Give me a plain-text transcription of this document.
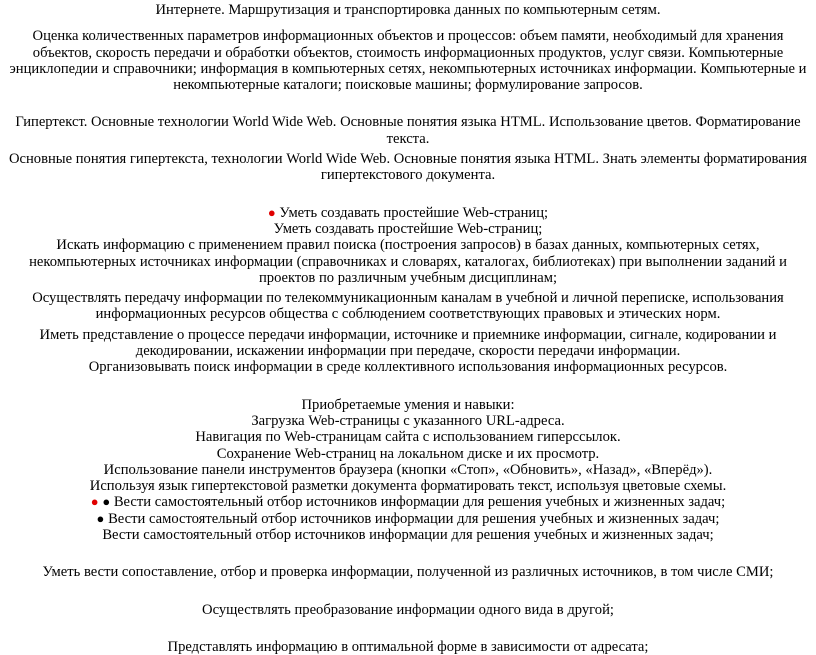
Интернете. Маршрутизация и транспортировка данных по компьютерным сетям.

Оценка количественных параметров информационных объектов и процессов: объем памяти, необходимый для хранения объектов, скорость передачи и обработки объектов, стоимость информационных продуктов, услуг связи. Компьютерные энциклопедии и справочники; информация в компьютерных сетях, некомпьютерных источниках информации. Компьютерные и некомпьютерные каталоги; поисковые машины; формулирование запросов.

Гипертекст. Основные технологии World Wide Web. Основные понятия языка HTML. Использование цветов. Форматирование текста.

Основные понятия гипертекста, технологии World Wide Web. Основные понятия языка HTML. Знать элементы форматирования гипертекстового документа.

● Уметь создавать простейшие Web-страниц;

Уметь создавать простейшие Web-страниц;

Искать информацию с применением правил поиска (построения запросов) в базах данных, компьютерных сетях, некомпьютерных источниках информации (справочниках и словарях, каталогах, библиотеках) при выполнении заданий и проектов по различным учебным дисциплинам;

Осуществлять передачу информации по телекоммуникационным каналам в учебной и личной переписке, использования информационных ресурсов общества с соблюдением соответствующих правовых и этических норм.

Иметь представление о процессе передачи информации, источнике и приемнике информации, сигнале, кодировании и декодировании, искажении информации при передаче, скорости передачи информации.

Организовывать поиск информации в среде коллективного использования информационных ресурсов.

Приобретаемые умения и навыки:

Загрузка Web-страницы с указанного URL-адреса.

Навигация по Web-страницам сайта с использованием гиперссылок.

Сохранение Web-страниц на локальном диске и их просмотр.

Использование панели инструментов браузера (кнопки «Стоп», «Обновить», «Назад», «Вперёд»).

Используя язык гипертекстовой разметки документа форматировать текст, используя цветовые схемы.

● ● Вести самостоятельный отбор источников информации для решения учебных и жизненных задач;

● Вести самостоятельный отбор источников информации для решения учебных и жизненных задач;

Вести самостоятельный отбор источников информации для решения учебных и жизненных задач;

Уметь вести сопоставление, отбор и проверка информации, полученной из различных источников, в том числе СМИ;

Осуществлять преобразование информации одного вида в другой;

Представлять информацию в оптимальной форме в зависимости от адресата;
